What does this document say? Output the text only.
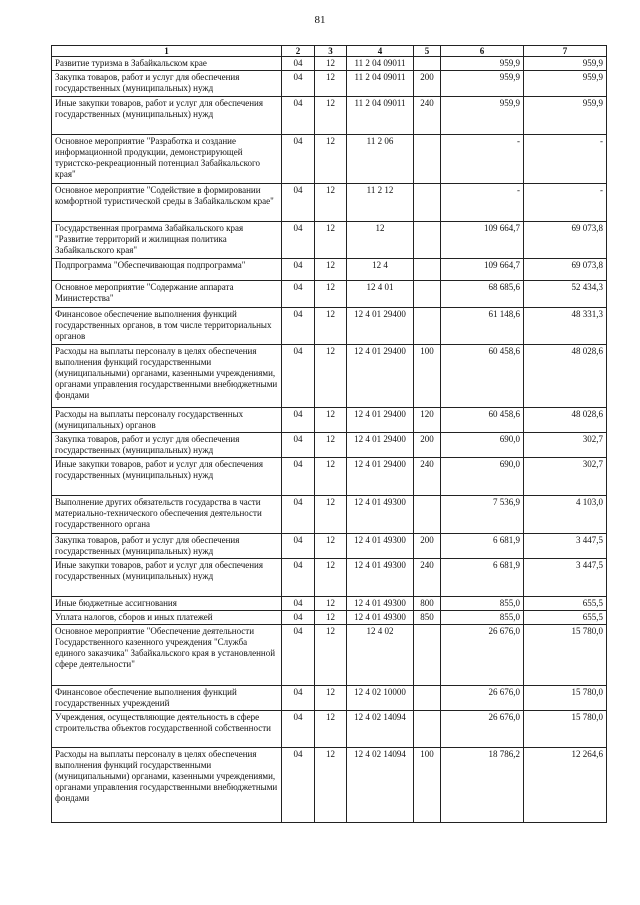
81
1	2	3	4	5	6	7
Развитие туризма в Забайкальском крае	04	12	11 2 04 09011		959,9	959,9
Закупка товаров, работ и услуг для обеспечения государственных (муниципальных) нужд	04	12	11 2 04 09011	200	959,9	959,9
Иные закупки товаров, работ и услуг для обеспечения государственных (муниципальных) нужд	04	12	11 2 04 09011	240	959,9	959,9
Основное мероприятие "Разработка и создание информационной продукции, демонстрирующей туристско-рекреационный потенциал Забайкальского края"	04	12	11 2 06		-	-
Основное мероприятие "Содействие в формировании комфортной туристической среды в Забайкальском крае"	04	12	11 2 12		-	-
Государственная программа Забайкальского края "Развитие территорий и жилищная политика Забайкальского края"	04	12	12		109 664,7	69 073,8
Подпрограмма "Обеспечивающая подпрограмма"	04	12	12 4		109 664,7	69 073,8
Основное мероприятие "Содержание аппарата Министерства"	04	12	12 4 01		68 685,6	52 434,3
Финансовое обеспечение выполнения функций государственных органов, в том числе территориальных органов	04	12	12 4 01 29400		61 148,6	48 331,3
Расходы на выплаты персоналу в целях обеспечения выполнения функций государственными (муниципальными) органами, казенными учреждениями, органами управления государственными внебюджетными фондами	04	12	12 4 01 29400	100	60 458,6	48 028,6
Расходы на выплаты персоналу государственных (муниципальных) органов	04	12	12 4 01 29400	120	60 458,6	48 028,6
Закупка товаров, работ и услуг для обеспечения государственных (муниципальных) нужд	04	12	12 4 01 29400	200	690,0	302,7
Иные закупки товаров, работ и услуг для обеспечения государственных (муниципальных) нужд	04	12	12 4 01 29400	240	690,0	302,7
Выполнение других обязательств государства в части материально-технического обеспечения деятельности государственного органа	04	12	12 4 01 49300		7 536,9	4 103,0
Закупка товаров, работ и услуг для обеспечения государственных (муниципальных) нужд	04	12	12 4 01 49300	200	6 681,9	3 447,5
Иные закупки товаров, работ и услуг для обеспечения государственных (муниципальных) нужд	04	12	12 4 01 49300	240	6 681,9	3 447,5
Иные бюджетные ассигнования	04	12	12 4 01 49300	800	855,0	655,5
Уплата налогов, сборов и иных платежей	04	12	12 4 01 49300	850	855,0	655,5
Основное мероприятие "Обеспечение деятельности Государственного казенного учреждения "Служба единого заказчика" Забайкальского края в установленной сфере деятельности"	04	12	12 4 02		26 676,0	15 780,0
Финансовое обеспечение выполнения функций государственных учреждений	04	12	12 4 02 10000		26 676,0	15 780,0
Учреждения, осуществляющие деятельность в сфере строительства объектов государственной собственности	04	12	12 4 02 14094		26 676,0	15 780,0
Расходы на выплаты персоналу в целях обеспечения выполнения функций государственными (муниципальными) органами, казенными учреждениями, органами управления государственными внебюджетными фондами	04	12	12 4 02 14094	100	18 786,2	12 264,6
